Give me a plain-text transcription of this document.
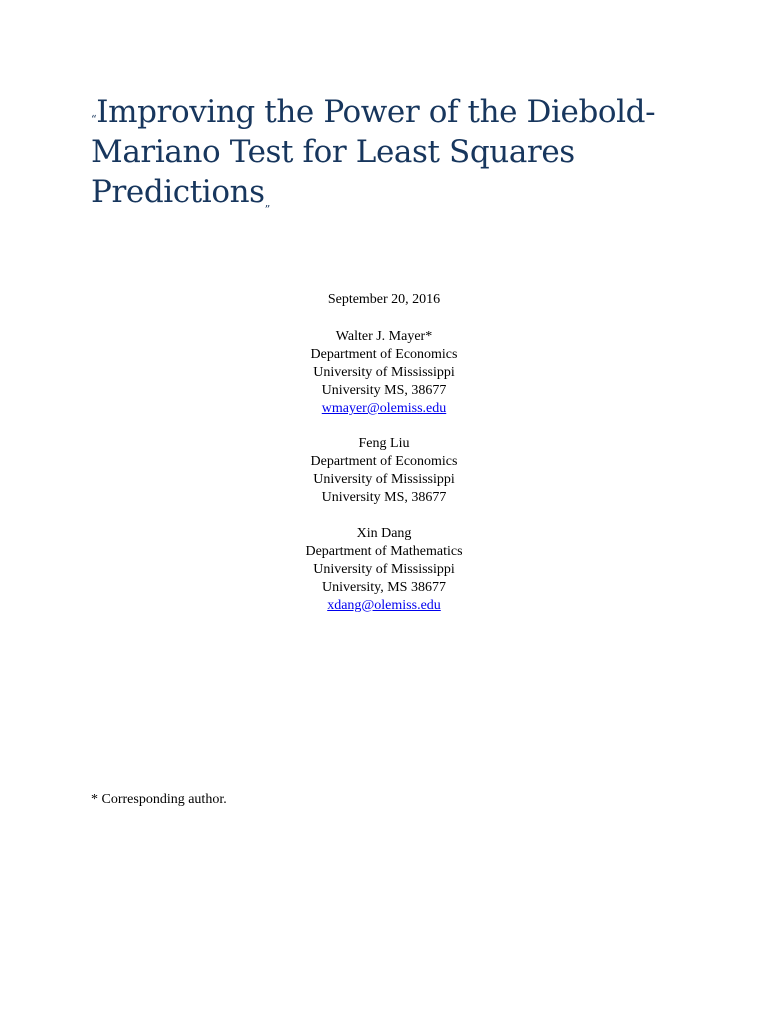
“Improving the Power of the Diebold-
Mariano Test for Least Squares
Predictions”
September 20, 2016
Walter J. Mayer*
Department of Economics
University of Mississippi
University MS, 38677
wmayer@olemiss.edu
Feng Liu
Department of Economics
University of Mississippi
University MS, 38677
Xin Dang
Department of Mathematics
University of Mississippi
University, MS 38677
xdang@olemiss.edu
* Corresponding author.
